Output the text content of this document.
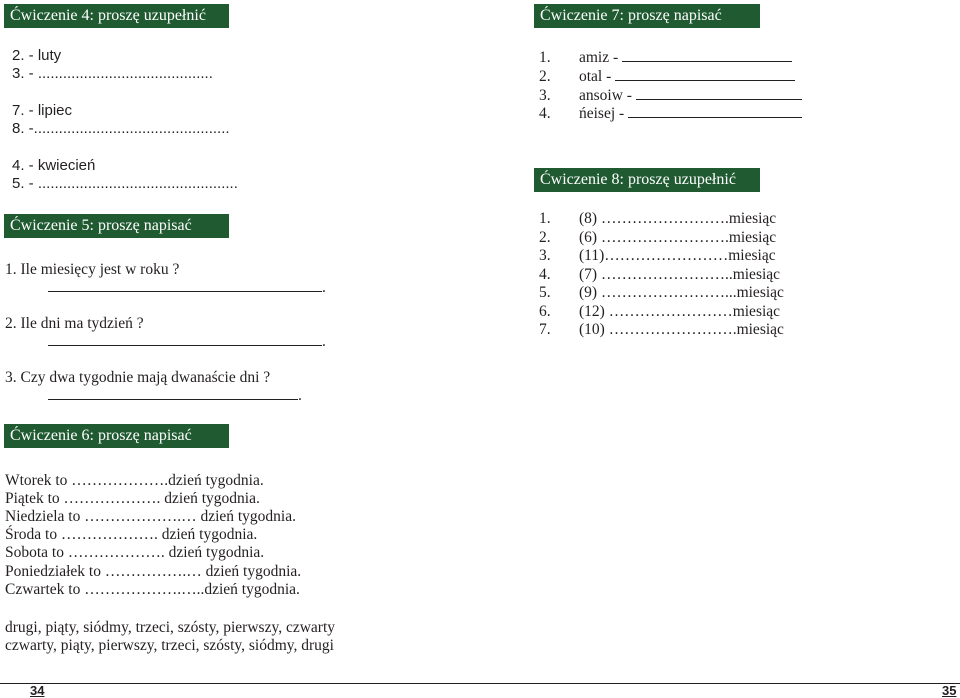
Ćwiczenie 4: proszę uzupełnić
2. - luty
3. - ..........................................
7. - lipiec
8. -...............................................
4. - kwiecień
5. - ................................................
Ćwiczenie 5: proszę napisać
1. Ile miesięcy jest w roku ?
.
2. Ile dni ma tydzień ?
.
3. Czy dwa tygodnie mają dwanaście dni ?
.
Ćwiczenie 6: proszę napisać
Wtorek to ……………….dzień tygodnia.
Piątek to ………………. dzień tygodnia.
Niedziela to ……………….… dzień tygodnia.
Środa to ………………. dzień tygodnia.
Sobota to ………………. dzień tygodnia.
Poniedziałek to …………….… dzień tygodnia.
Czwartek to ……………….…..dzień tygodnia.
drugi, piąty, siódmy, trzeci, szósty, pierwszy, czwarty
czwarty, piąty, pierwszy, trzeci, szósty, siódmy, drugi
Ćwiczenie 7: proszę napisać
1. amiz -
2. otal -
3. ansoiw -
4. ńeisej -
Ćwiczenie 8: proszę uzupełnić
1. (8) …………………….miesiąc
2. (6) …………………….miesiąc
3. (11)……………………miesiąc
4. (7) ……………………..miesiąc
5. (9) ……………………...miesiąc
6. (12) ……………………miesiąc
7. (10) …………………….miesiąc
34	35
